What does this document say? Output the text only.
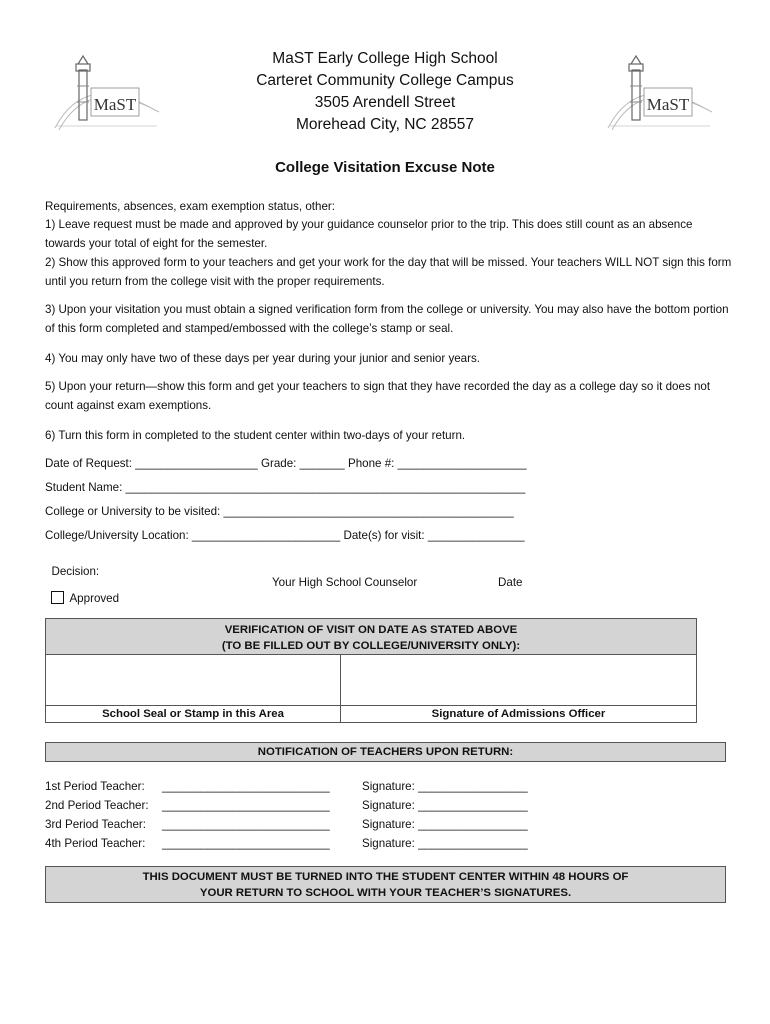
MaST	MaST
MaST Early College High School
Carteret Community College Campus
3505 Arendell Street
Morehead City, NC 28557
College Visitation Excuse Note
Requirements, absences, exam exemption status, other:
1) Leave request must be made and approved by your guidance counselor prior to the trip. This does still count as an absence towards your total of eight for the semester.
2) Show this approved form to your teachers and get your work for the day that will be missed. Your teachers WILL NOT sign this form until you return from the college visit with the proper requirements.
3) Upon your visitation you must obtain a signed verification form from the college or university. You may also have the bottom portion of this form completed and stamped/embossed with the college’s stamp or seal.
4) You may only have two of these days per year during your junior and senior years.
5) Upon your return—show this form and get your teachers to sign that they have recorded the day as a college day so it does not count against exam exemptions.
6) Turn this form in completed to the student center within two-days of your return.
Date of Request: ___________________ Grade: _______ Phone #: ____________________
Student Name: ______________________________________________________________
College or University to be visited: _____________________________________________
College/University Location: _______________________ Date(s) for visit: _______________

Decision:

Approved

Your High School Counselor	Date
VERIFICATION OF VISIT ON DATE AS STATED ABOVE
(TO BE FILLED OUT BY COLLEGE/UNIVERSITY ONLY):
School Seal or Stamp in this Area	Signature of Admissions Officer
NOTIFICATION OF TEACHERS UPON RETURN:
1st Period Teacher: __________________________	Signature: _________________
2nd Period Teacher: __________________________	Signature: _________________
3rd Period Teacher: __________________________	Signature: _________________
4th Period Teacher: __________________________	Signature: _________________
THIS DOCUMENT MUST BE TURNED INTO THE STUDENT CENTER WITHIN 48 HOURS OF
YOUR RETURN TO SCHOOL WITH YOUR TEACHER’S SIGNATURES.
